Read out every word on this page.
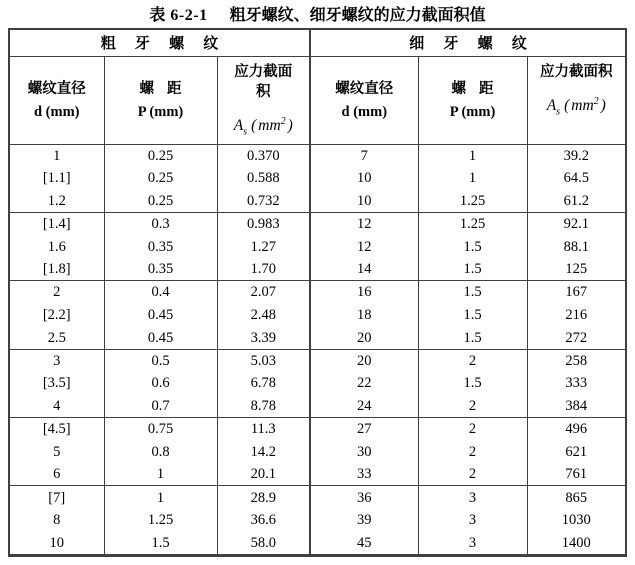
表 6-2-1 粗牙螺纹、细牙螺纹的应力截面积值
粗 牙 螺 纹			细 牙 螺 纹		

螺纹直径
d (mm)

螺 距
P (mm)

应力截面
积
$A_s$ ( $mm^2$ )

螺纹直径
d (mm)

螺 距
P (mm)

应力截面积
$A_s$ ( $mm^2$ )

1	0.25	0.370	7	1	39.2
[1.1]	0.25	0.588	10	1	64.5
1.2	0.25	0.732	10	1.25	61.2
[1.4]	0.3	0.983	12	1.25	92.1
1.6	0.35	1.27	12	1.5	88.1
[1.8]	0.35	1.70	14	1.5	125
2	0.4	2.07	16	1.5	167
[2.2]	0.45	2.48	18	1.5	216
2.5	0.45	3.39	20	1.5	272
3	0.5	5.03	20	2	258
[3.5]	0.6	6.78	22	1.5	333
4	0.7	8.78	24	2	384
[4.5]	0.75	11.3	27	2	496
5	0.8	14.2	30	2	621
6	1	20.1	33	2	761
[7]	1	28.9	36	3	865
8	1.25	36.6	39	3	1030
10	1.5	58.0	45	3	1400
